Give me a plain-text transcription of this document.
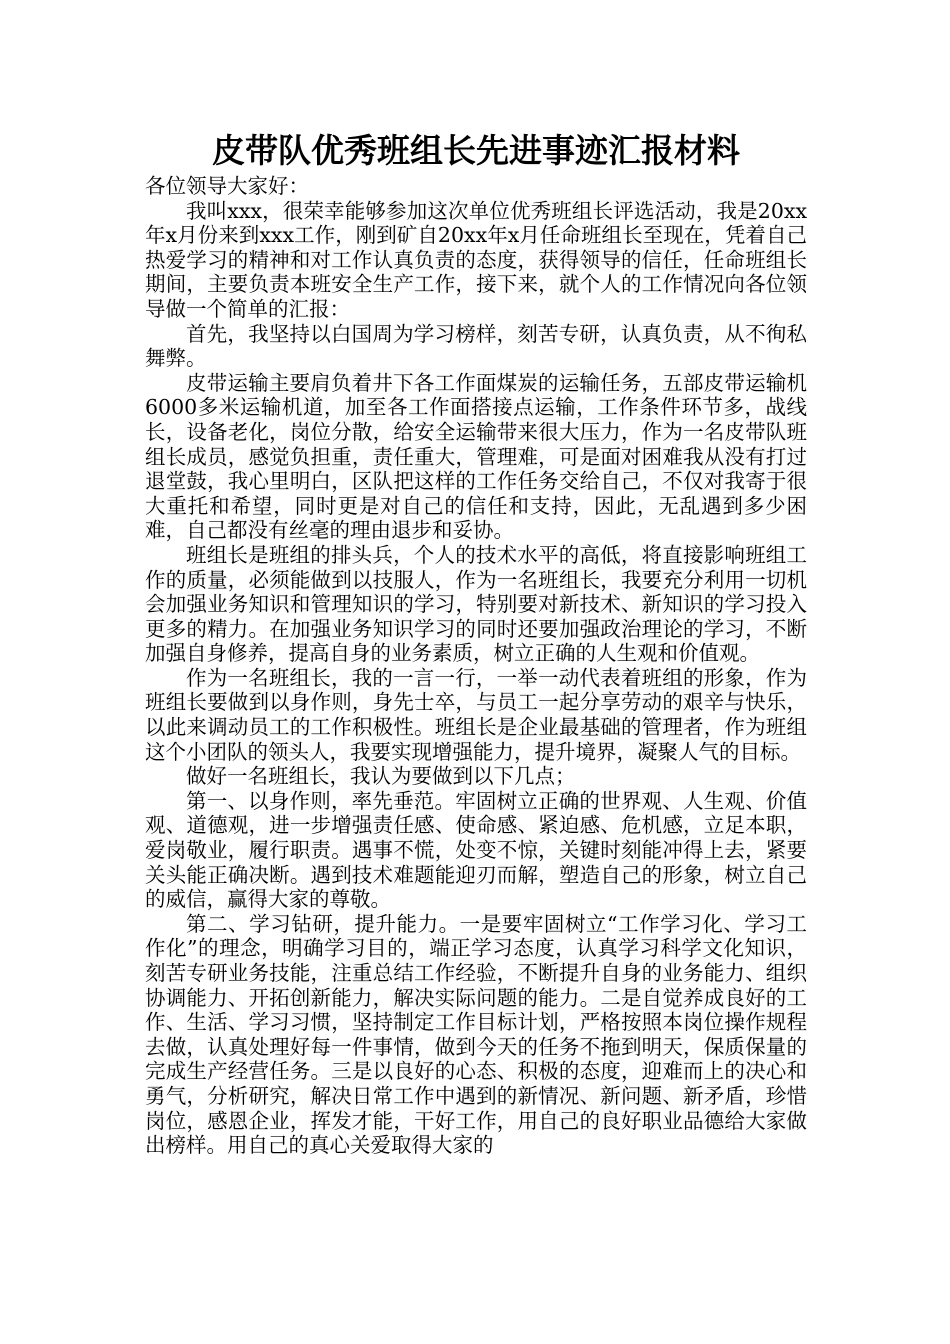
皮带队优秀班组长先进事迹汇报材料

各位领导大家好：

我叫xxx，很荣幸能够参加这次单位优秀班组长评选活动，我是20xx年x月份来到xxx工作，刚到矿自20xx年x月任命班组长至现在，凭着自己热爱学习的精神和对工作认真负责的态度，获得领导的信任，任命班组长期间，主要负责本班安全生产工作，接下来，就个人的工作情况向各位领导做一个简单的汇报：

首先，我坚持以白国周为学习榜样，刻苦专研，认真负责，从不徇私舞弊。

皮带运输主要肩负着井下各工作面煤炭的运输任务，五部皮带运输机6000多米运输机道，加至各工作面搭接点运输，工作条件环节多，战线长，设备老化，岗位分散，给安全运输带来很大压力，作为一名皮带队班组长成员，感觉负担重，责任重大，管理难，可是面对困难我从没有打过退堂鼓，我心里明白，区队把这样的工作任务交给自己，不仅对我寄于很大重托和希望，同时更是对自己的信任和支持，因此，无乱遇到多少困难，自己都没有丝毫的理由退步和妥协。

班组长是班组的排头兵，个人的技术水平的高低，将直接影响班组工作的质量，必须能做到以技服人，作为一名班组长，我要充分利用一切机会加强业务知识和管理知识的学习，特别要对新技术、新知识的学习投入更多的精力。在加强业务知识学习的同时还要加强政治理论的学习，不断加强自身修养，提高自身的业务素质，树立正确的人生观和价值观。

作为一名班组长，我的一言一行，一举一动代表着班组的形象，作为班组长要做到以身作则，身先士卒，与员工一起分享劳动的艰辛与快乐，以此来调动员工的工作积极性。班组长是企业最基础的管理者，作为班组这个小团队的领头人，我要实现增强能力，提升境界，凝聚人气的目标。

做好一名班组长，我认为要做到以下几点；

第一、以身作则，率先垂范。牢固树立正确的世界观、人生观、价值观、道德观，进一步增强责任感、使命感、紧迫感、危机感，立足本职，爱岗敬业，履行职责。遇事不慌，处变不惊，关键时刻能冲得上去，紧要关头能正确决断。遇到技术难题能迎刃而解，塑造自己的形象，树立自己的威信，赢得大家的尊敬。

第二、学习钻研，提升能力。一是要牢固树立“工作学习化、学习工作化”的理念，明确学习目的，端正学习态度，认真学习科学文化知识，刻苦专研业务技能，注重总结工作经验，不断提升自身的业务能力、组织协调能力、开拓创新能力，解决实际问题的能力。二是自觉养成良好的工作、生活、学习习惯，坚持制定工作目标计划，严格按照本岗位操作规程去做，认真处理好每一件事情，做到今天的任务不拖到明天，保质保量的完成生产经营任务。三是以良好的心态、积极的态度，迎难而上的决心和勇气，分析研究，解决日常工作中遇到的新情况、新问题、新矛盾，珍惜岗位，感恩企业，挥发才能，干好工作，用自己的良好职业品德给大家做出榜样。用自己的真心关爱取得大家的
